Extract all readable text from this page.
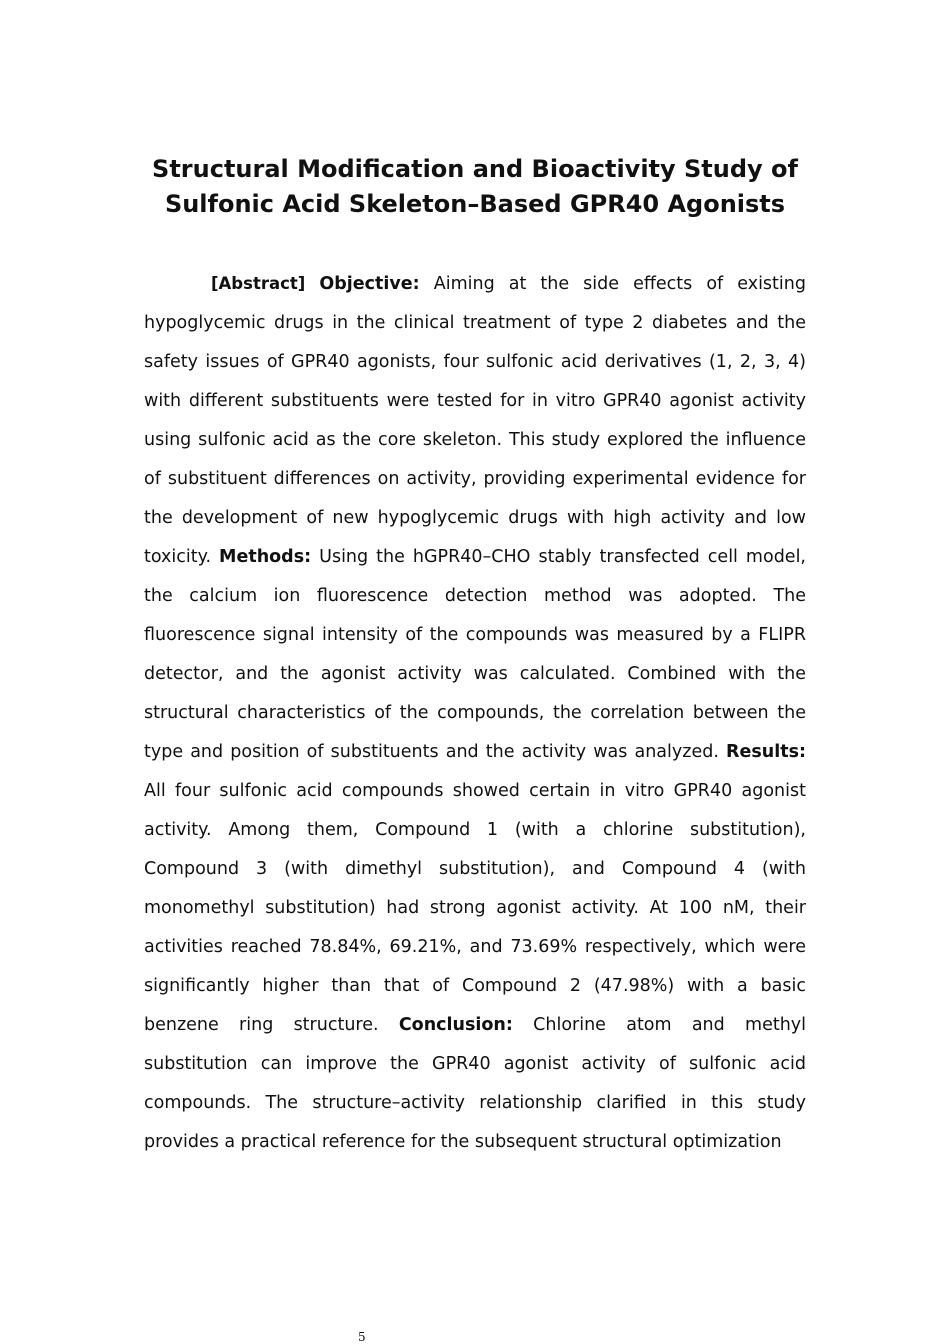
Structural Modification and Bioactivity Study of
Sulfonic Acid Skeleton–Based GPR40 Agonists

[Abstract] Objective: Aiming at the side effects of existing hypoglycemic drugs in the clinical treatment of type 2 diabetes and the safety issues of GPR40 agonists, four sulfonic acid derivatives (1, 2, 3, 4) with different substituents were tested for in vitro GPR40 agonist activity using sulfonic acid as the core skeleton. This study explored the influence of substituent differences on activity, providing experimental evidence for the development of new hypoglycemic drugs with high activity and low toxicity. Methods: Using the hGPR40–CHO stably transfected cell model, the calcium ion fluorescence detection method was adopted. The fluorescence signal intensity of the compounds was measured by a FLIPR detector, and the agonist activity was calculated. Combined with the structural characteristics of the compounds, the correlation between the type and position of substituents and the activity was analyzed. Results: All four sulfonic acid compounds showed certain in vitro GPR40 agonist activity. Among them, Compound 1 (with a chlorine substitution), Compound 3 (with dimethyl substitution), and Compound 4 (with monomethyl substitution) had strong agonist activity. At 100 nM, their activities reached 78.84%, 69.21%, and 73.69% respectively, which were significantly higher than that of Compound 2 (47.98%) with a basic benzene ring structure. Conclusion: Chlorine atom and methyl substitution can improve the GPR40 agonist activity of sulfonic acid compounds. The structure–activity relationship clarified in this study provides a practical reference for the subsequent structural optimization

5
